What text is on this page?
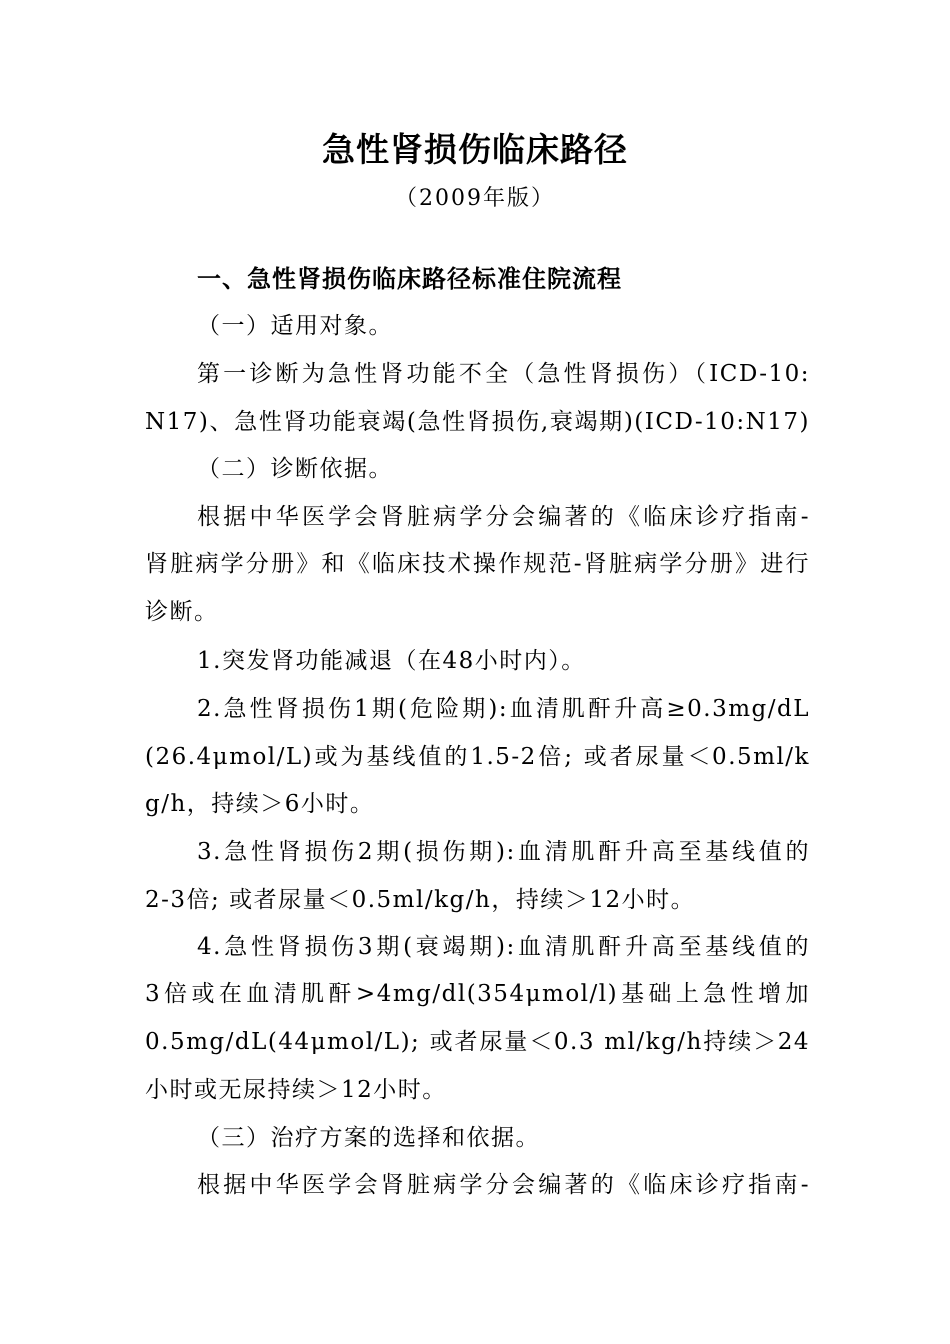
急性肾损伤临床路径
（2009年版）
一、急性肾损伤临床路径标准住院流程
（一）适用对象。
第一诊断为急性肾功能不全（急性肾损伤）（ICD-10:
N17)、急性肾功能衰竭(急性肾损伤,衰竭期)(ICD-10:N17)
（二）诊断依据。
根据中华医学会肾脏病学分会编著的《临床诊疗指南-
肾脏病学分册》和《临床技术操作规范-肾脏病学分册》进行
诊断。
1.突发肾功能减退（在48小时内）。
2.急性肾损伤1期(危险期):血清肌酐升高≥0.3mg/dL
(26.4μmol/L)或为基线值的1.5-2倍; 或者尿量＜0.5ml/k
g/h，持续＞6小时。
3.急性肾损伤2期(损伤期):血清肌酐升高至基线值的
2-3倍; 或者尿量＜0.5ml/kg/h，持续＞12小时。
4.急性肾损伤3期(衰竭期):血清肌酐升高至基线值的
3倍或在血清肌酐>4mg/dl(354μmol/l)基础上急性增加
0.5mg/dL(44μmol/L); 或者尿量＜0.3 ml/kg/h持续＞24
小时或无尿持续＞12小时。
（三）治疗方案的选择和依据。
根据中华医学会肾脏病学分会编著的《临床诊疗指南-
